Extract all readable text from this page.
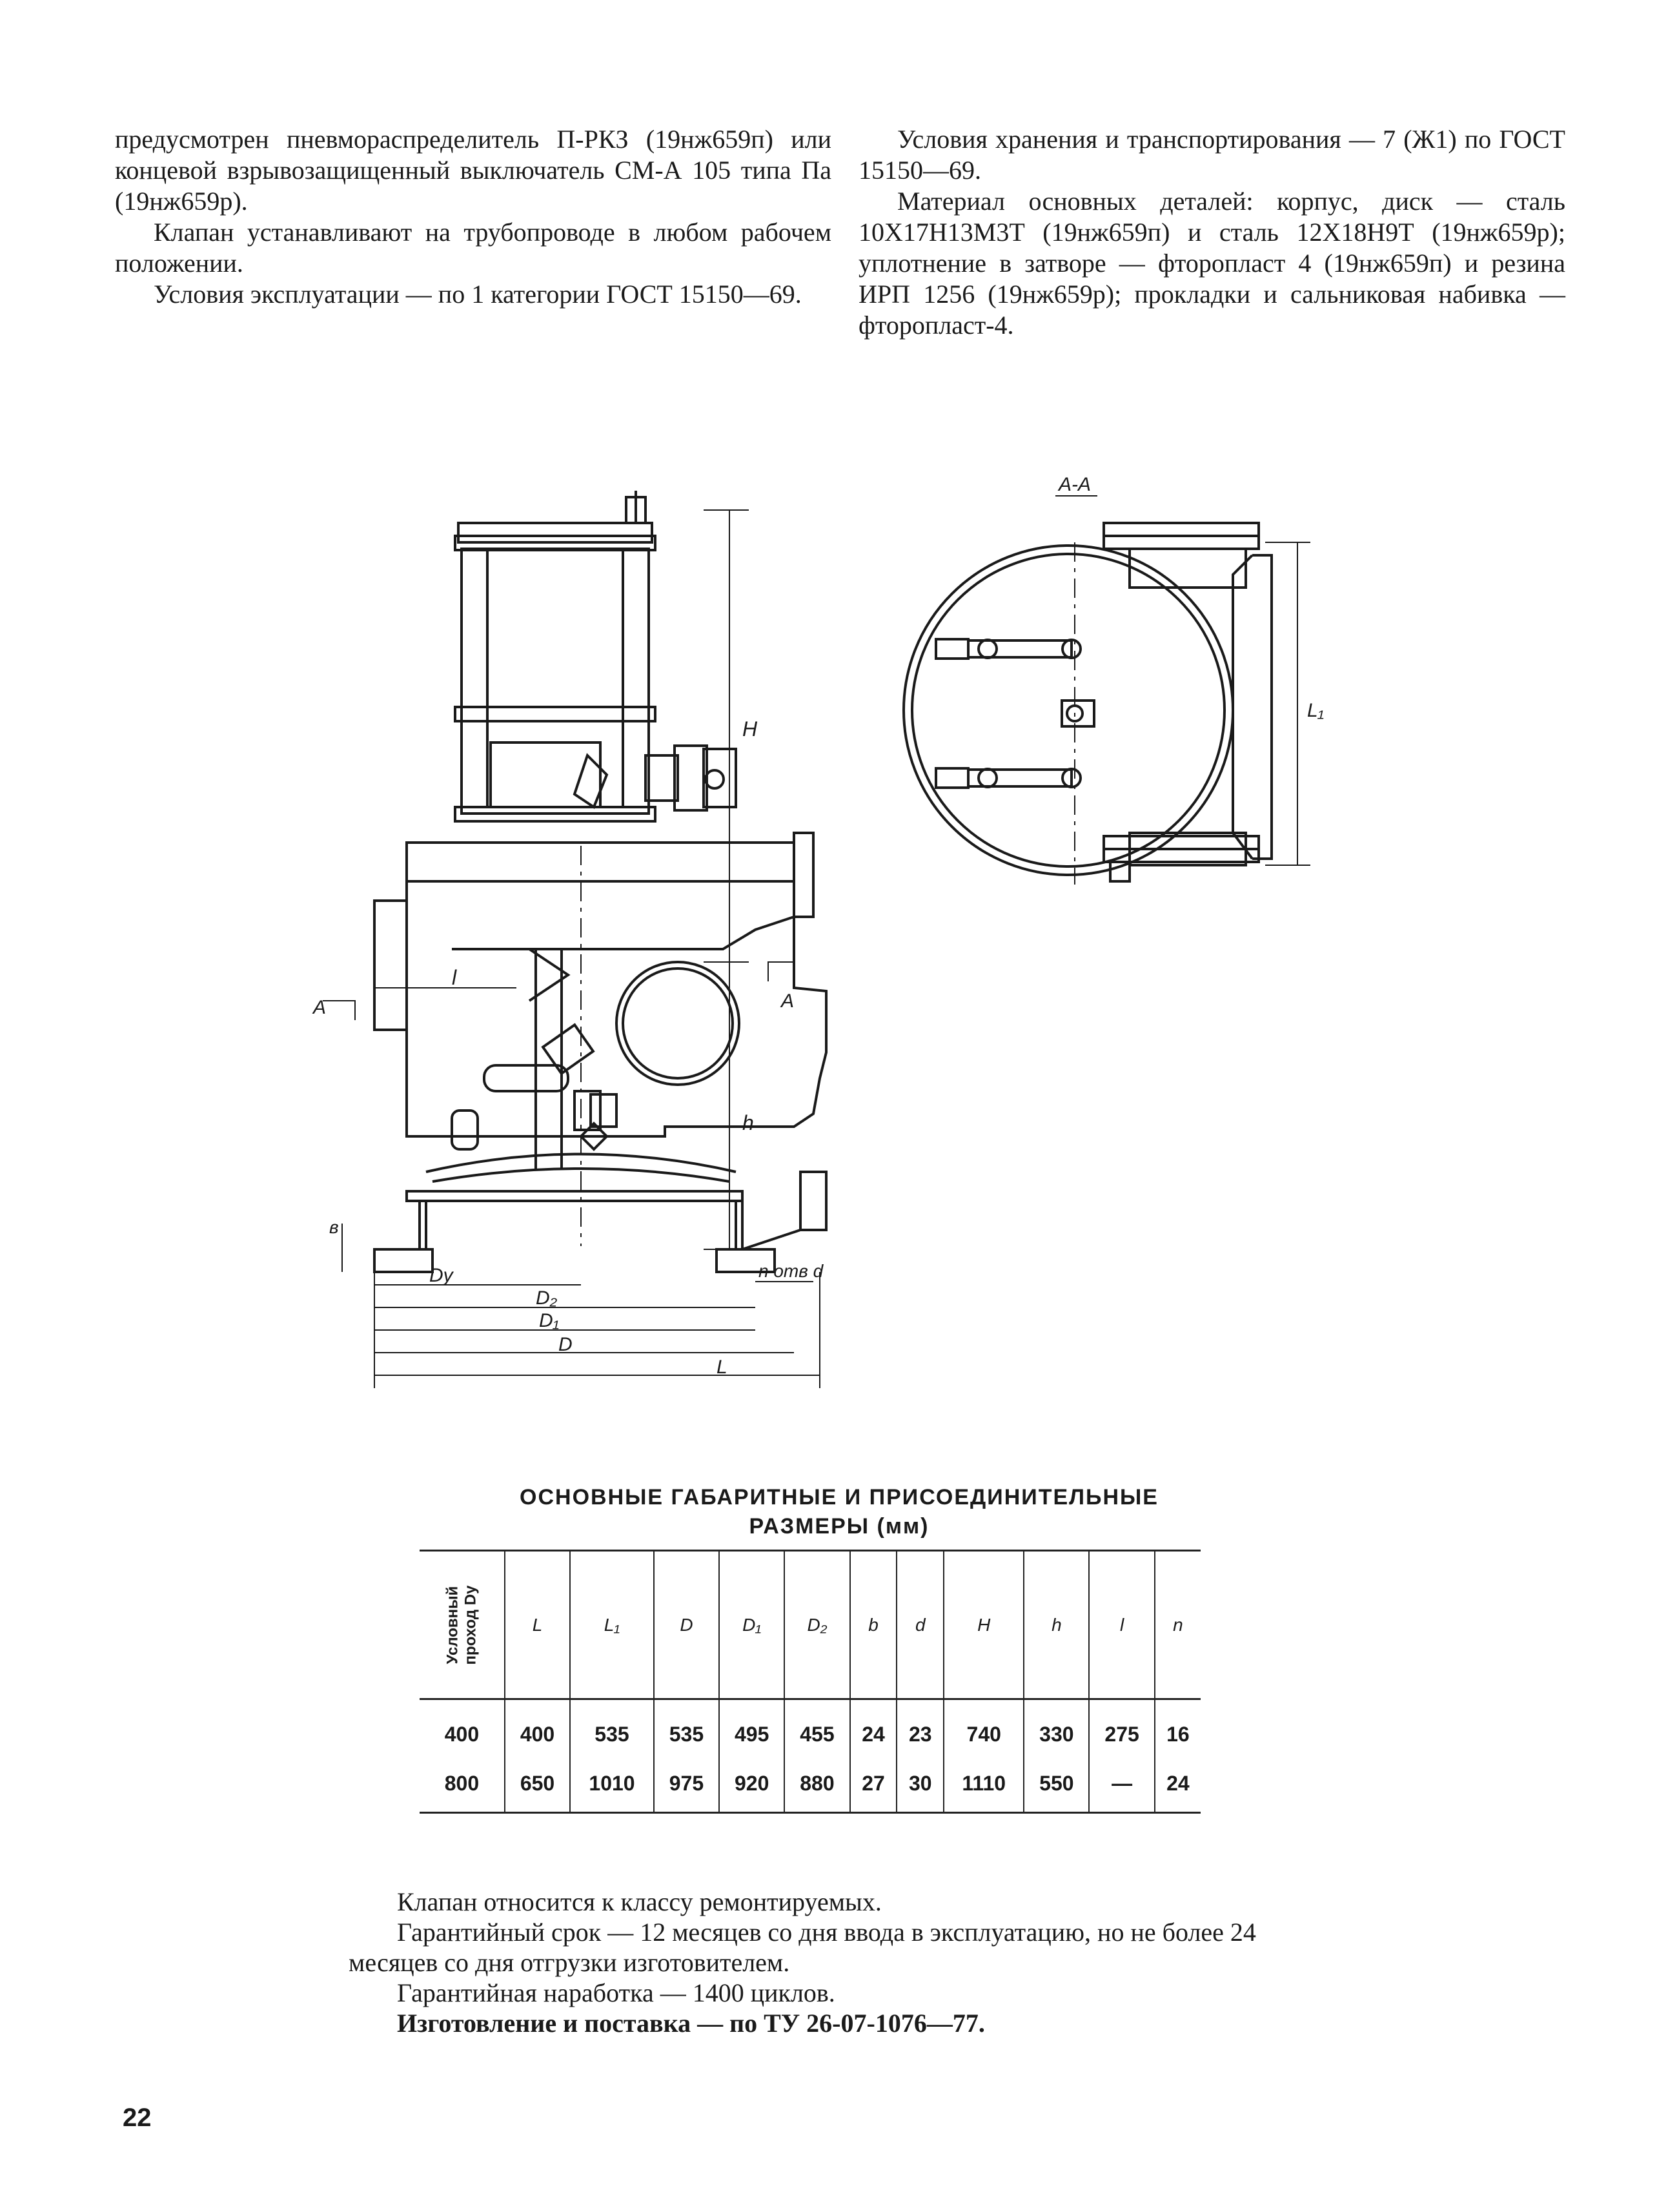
предусмотрен пневмораспределитель П-РКЗ (19нж659п) или концевой взрывозащищенный выключатель СМ-А 105 типа Па (19нж659р).

Клапан устанавливают на трубопроводе в любом рабочем положении.

Условия эксплуатации — по 1 категории ГОСТ 15150—69.

Условия хранения и транспортирования — 7 (Ж1) по ГОСТ 15150—69.

Материал основных деталей: корпус, диск — сталь 10Х17Н13М3Т (19нж659п) и сталь 12Х18Н9Т (19нж659р); уплотнение в затворе — фторопласт 4 (19нж659п) и резина ИРП 1256 (19нж659р); прокладки и сальниковая набивка — фторопласт-4.

Dу
D₂
D₁
D
L
n отв d
l
А	А
H
h
в
А-А
L₁
ОСНОВНЫЕ ГАБАРИТНЫЕ И ПРИСОЕДИНИТЕЛЬНЫЕ
РАЗМЕРЫ (мм)
Условный
проход Dу	L	L₁	D	D₁	D₂	b	d	H	h	l	n
400	400	535	535	495	455	24	23	740	330	275	16
800	650	1010	975	920	880	27	30	1110	550	—	24

Клапан относится к классу ремонтируемых.

Гарантийный срок — 12 месяцев со дня ввода в эксплуатацию, но не более 24 месяцев со дня отгрузки изготовителем.

Гарантийная наработка — 1400 циклов.

Изготовление и поставка — по ТУ 26-07-1076—77.

22
